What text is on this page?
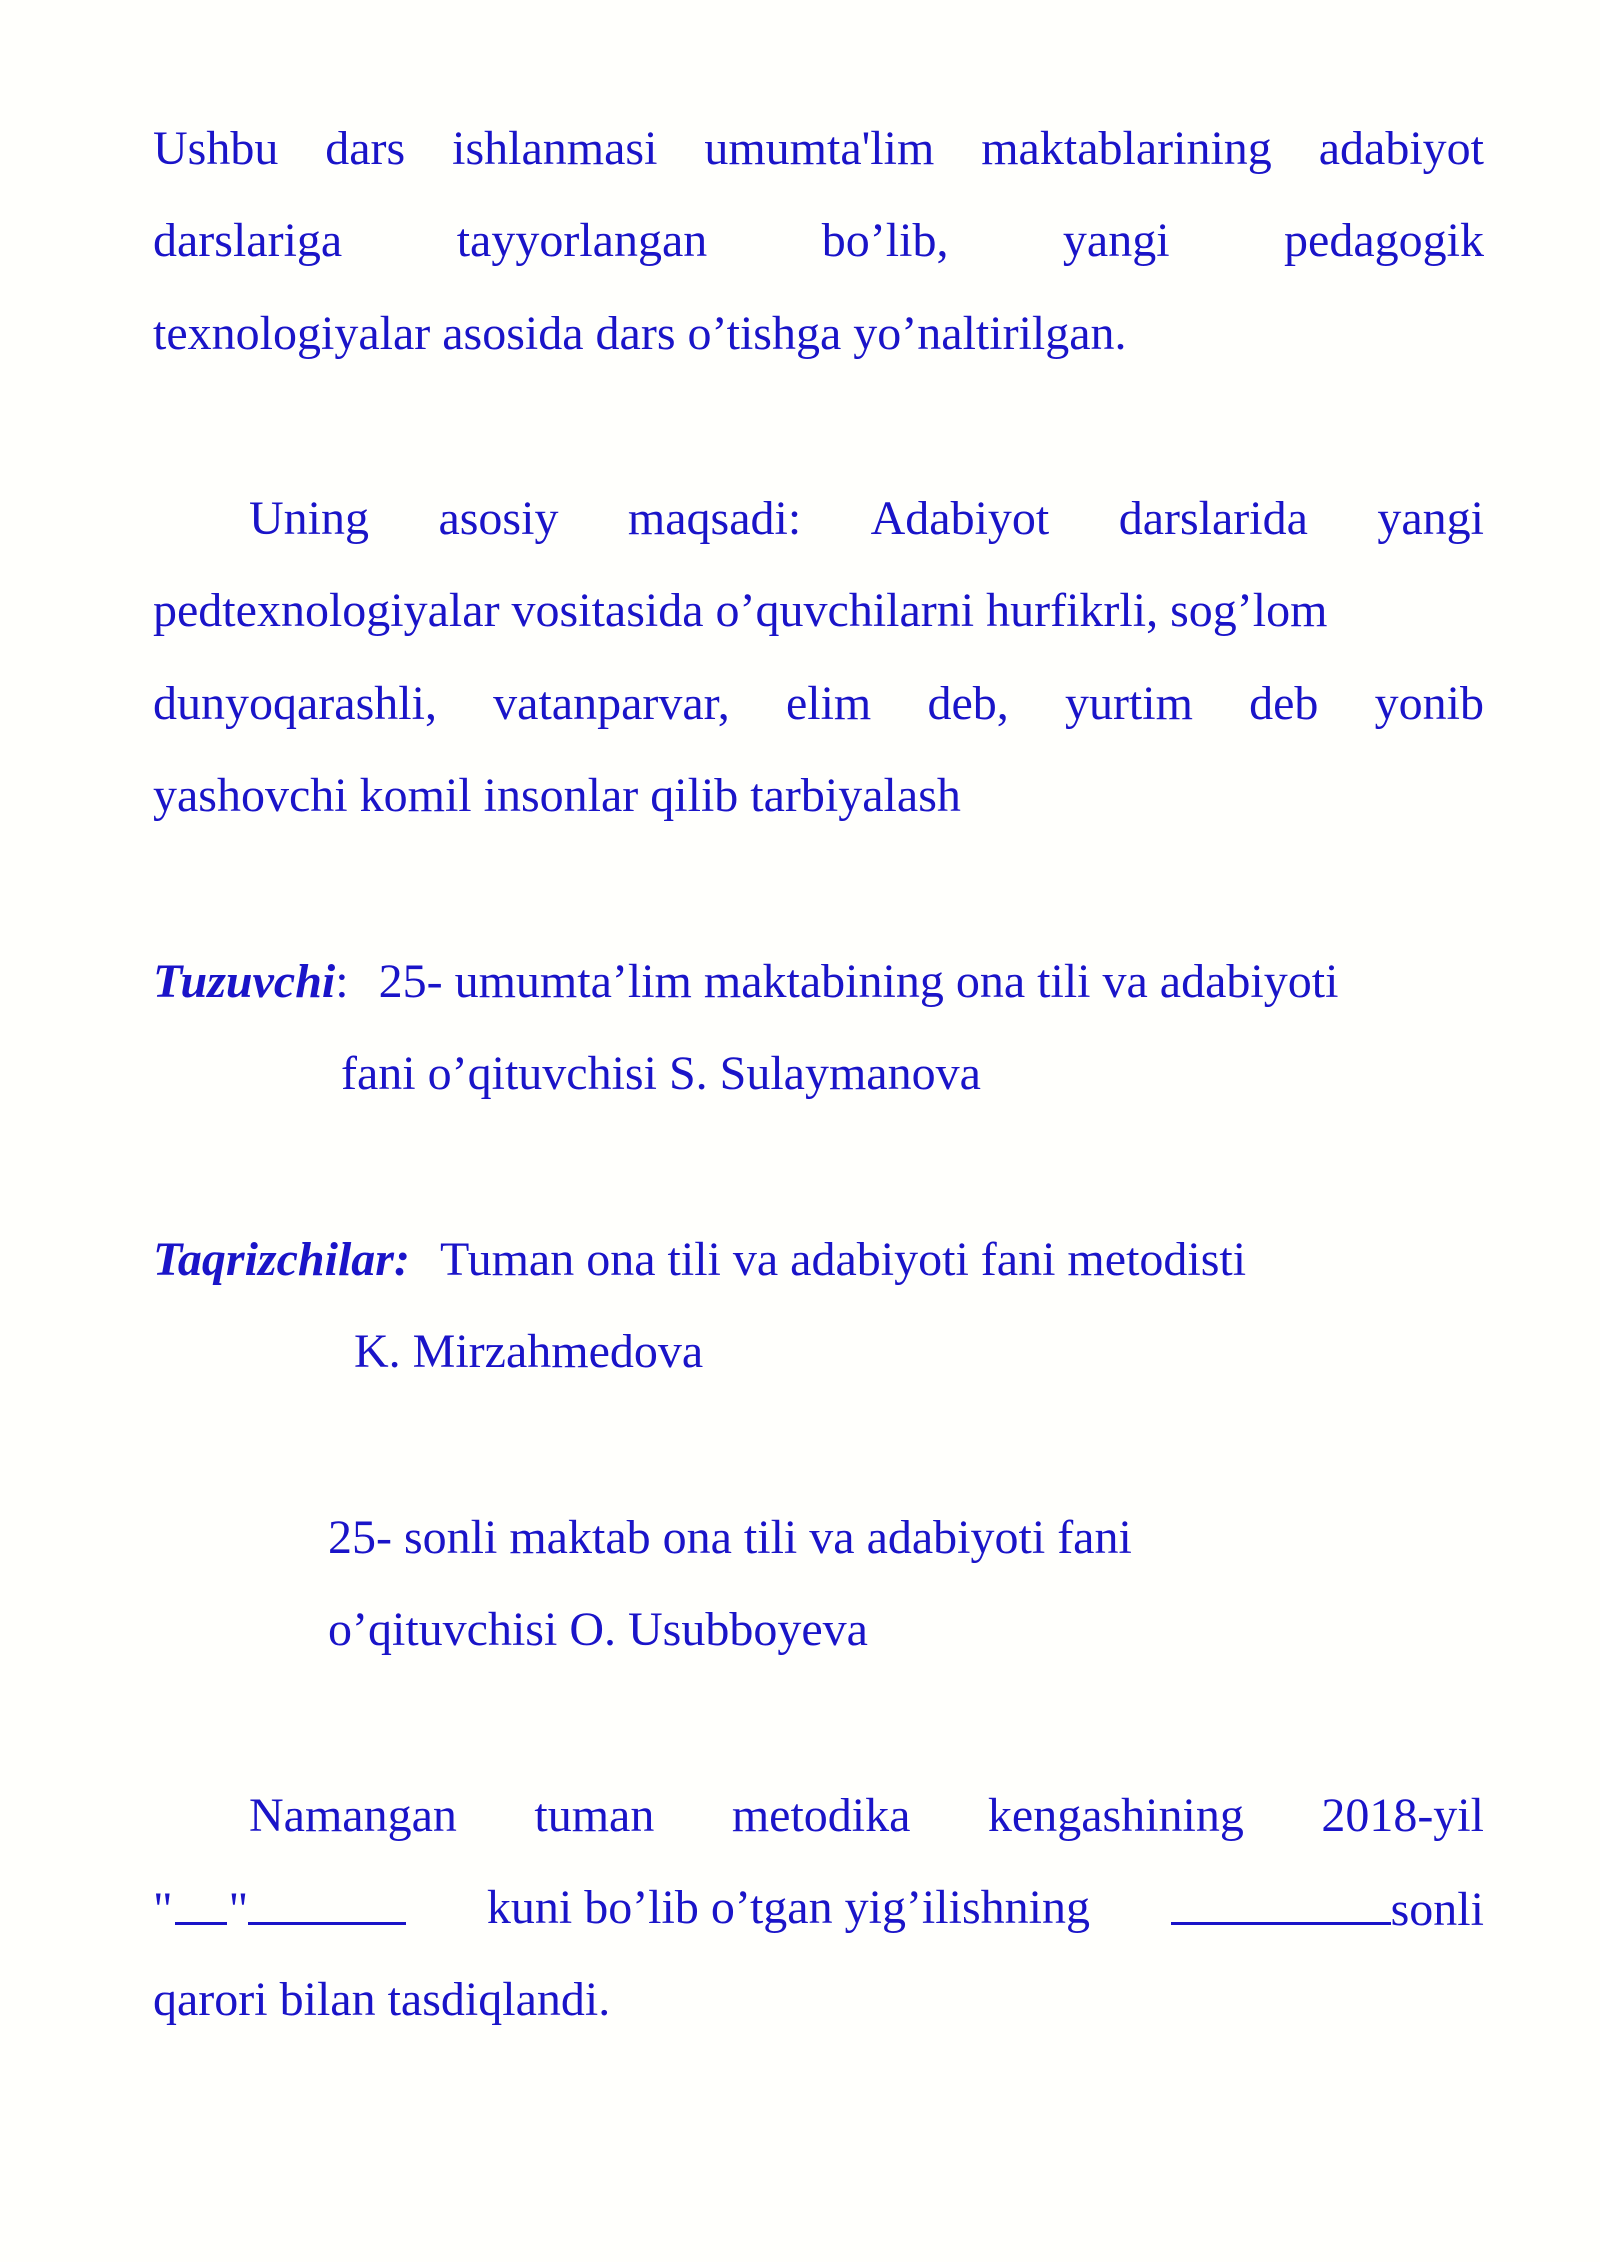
Ushbu dars ishlanmasi umumta'lim maktablarining adabiyot
darslariga tayyorlangan bo’lib, yangi pedagogik
texnologiyalar asosida dars o’tishga yo’naltirilgan.
Uning asosiy maqsadi: Adabiyot darslarida yangi
pedtexnologiyalar vositasida o’quvchilarni hurfikrli, sog’lom
dunyoqarashli, vatanparvar, elim deb, yurtim deb yonib
yashovchi komil insonlar qilib tarbiyalash
Tuzuvchi: 25- umumta’lim maktabining ona tili va adabiyoti
fani o’qituvchisi S. Sulaymanova
Taqrizchilar: Tuman ona tili va adabiyoti fani metodisti
K. Mirzahmedova
25- sonli maktab ona tili va adabiyoti fani
o’qituvchisi O. Usubboyeva
Namangan tuman metodika kengashining 2018-yil
" "	kuni bo’lib o’tgan yig’ilishning	sonli
qarori bilan tasdiqlandi.
